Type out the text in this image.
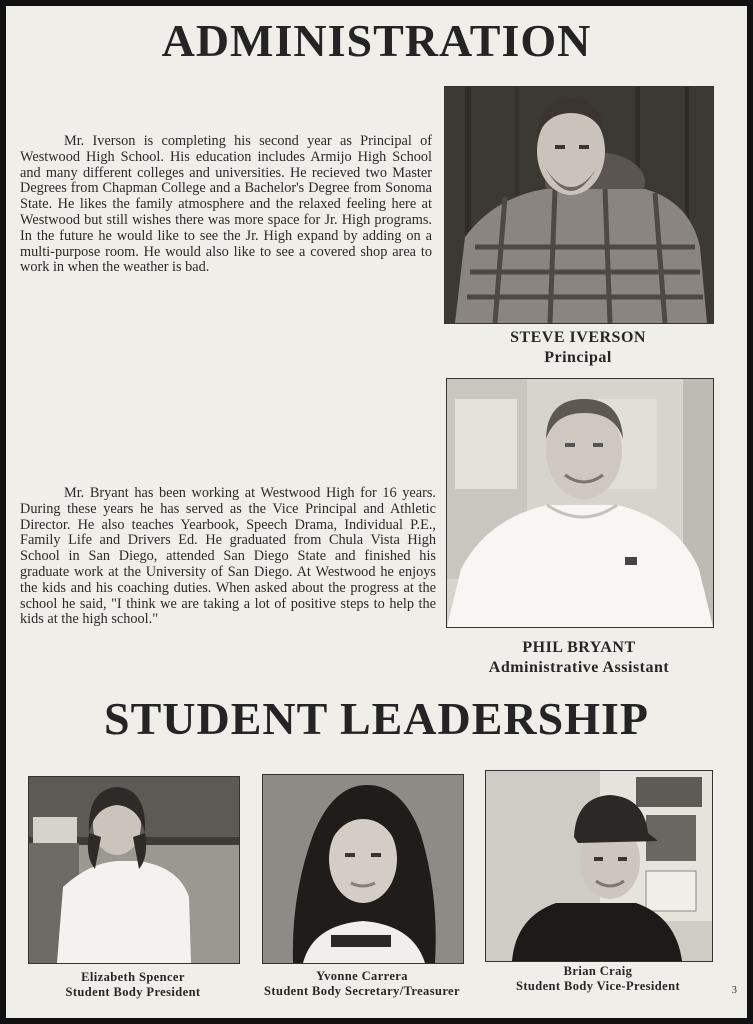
ADMINISTRATION

Mr. Iverson is completing his second year as Principal of Westwood High School. His education includes Armijo High School and many different colleges and universities. He recieved two Master Degrees from Chapman College and a Bachelor's Degree from Sonoma State. He likes the family atmosphere and the relaxed feeling here at Westwood but still wishes there was more space for Jr. High programs. In the future he would like to see the Jr. High expand by adding on a multi-purpose room. He would also like to see a covered shop area to work in when the weather is bad.

STEVE IVERSON

Principal

Mr. Bryant has been working at Westwood High for 16 years. During these years he has served as the Vice Principal and Athletic Director. He also teaches Yearbook, Speech Drama, Individual P.E., Family Life and Drivers Ed. He graduated from Chula Vista High School in San Diego, attended San Diego State and finished his graduate work at the University of San Diego. At Westwood he enjoys the kids and his coaching duties. When asked about the progress at the school he said, "I think we are taking a lot of positive steps to help the kids at the high school."

PHIL BRYANT

Administrative Assistant

STUDENT LEADERSHIP

Elizabeth Spencer

Student Body President

Yvonne Carrera

Student Body Secretary/Treasurer

Brian Craig

Student Body Vice-President	3
